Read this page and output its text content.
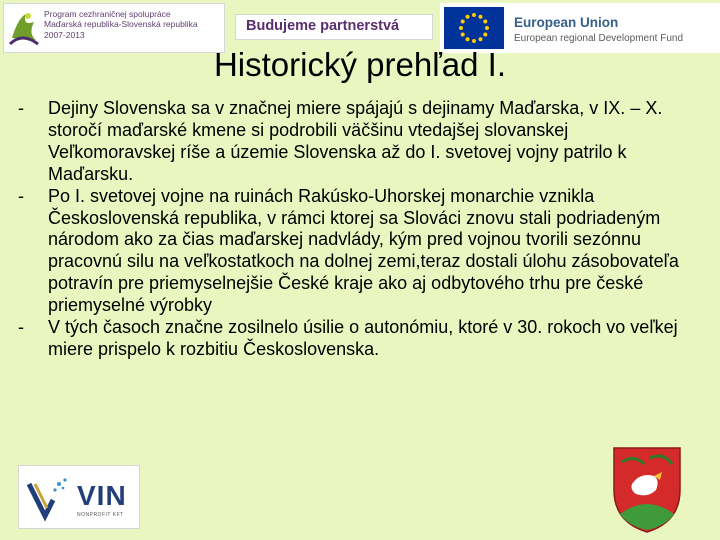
Program cezhraničnej spolupráce
Maďarská republika-Slovenská republika
2007-2013
Budujeme partnerstvá	European Union
European regional Development Fund
Historický prehľad I.
-	Dejiny Slovenska sa v značnej miere spájajú s dejinamy Maďarska, v IX. – X. storočí maďarské kmene si podrobili väčšinu vtedajšej slovanskej Veľkomoravskej ríše a územie Slovenska až do I. svetovej vojny patrilo k Maďarsku.
-	Po I. svetovej vojne na ruinách Rakúsko-Uhorskej monarchie vznikla Československá republika, v rámci ktorej sa Slováci znovu stali podriadeným národom ako za čias maďarskej nadvlády, kým pred vojnou tvorili sezónnu pracovnú silu na veľkostatkoch na dolnej zemi,teraz dostali úlohu zásobovateľa potravín pre priemyselnejšie České kraje ako aj odbytového trhu pre české priemyselné výrobky
-	V tých časoch značne zosilnelo úsilie o autonómiu, ktoré v 30. rokoch vo veľkej miere prispelo k rozbitiu Československa.
VIN
NONPROFIT KFT
